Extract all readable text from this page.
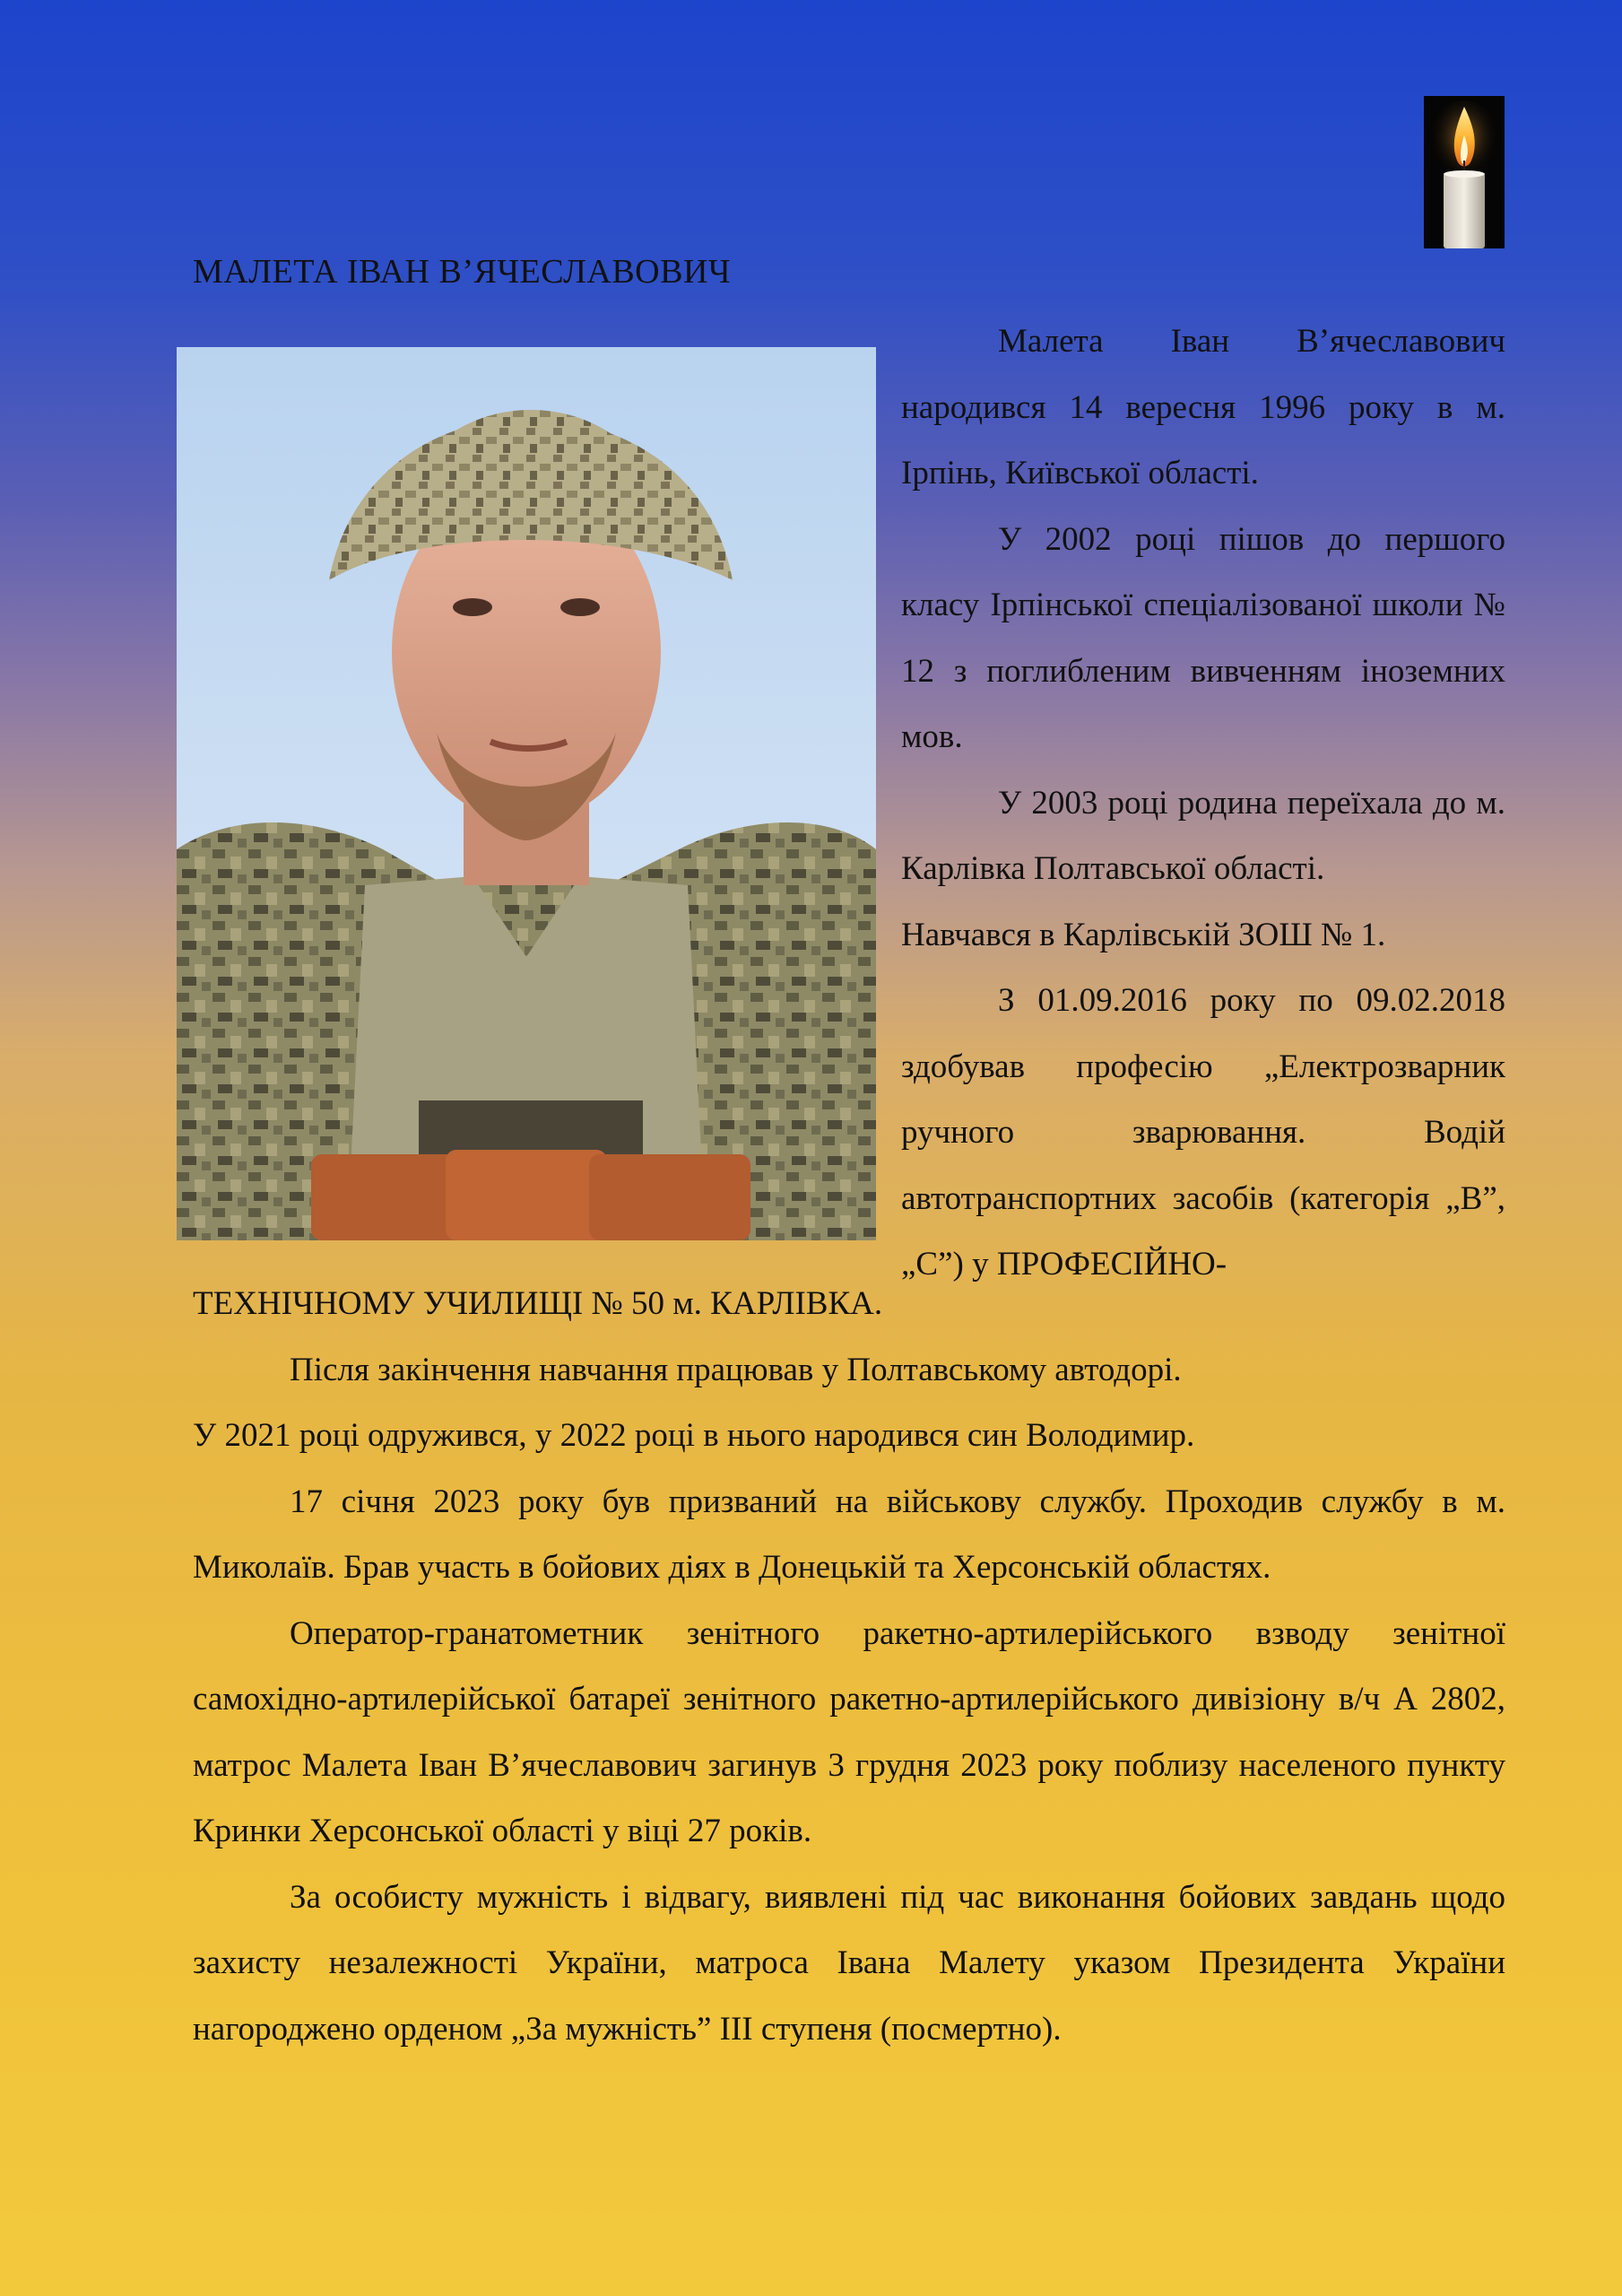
МАЛЕТА ІВАН В’ЯЧЕСЛАВОВИЧ

Малета Іван В’ячеславович народився 14 вересня 1996 року в м. Ірпінь, Київської області.

У 2002 році пішов до першого класу Ірпінської спеціалізованої школи № 12 з поглибленим вивченням іноземних мов.

У 2003 році родина переїхала до м. Карлівка Полтавської області.

Навчався в Карлівській ЗОШ № 1.

З 01.09.2016 року по 09.02.2018 здобував професію „Електрозварник ручного зварювання. Водій автотранспортних засобів (категорія „В”, „С”) у ПРОФЕСІЙНО-

ТЕХНІЧНОМУ УЧИЛИЩІ № 50 м. КАРЛІВКА.

Після закінчення навчання працював у Полтавському автодорі.

У 2021 році одружився, у 2022 році в нього народився син Володимир.

17 січня 2023 року був призваний на військову службу. Проходив службу в м. Миколаїв. Брав участь в бойових діях в Донецькій та Херсонській областях.

Оператор-гранатометник зенітного ракетно-артилерійського взводу зенітної самохідно-артилерійської батареї зенітного ракетно-артилерійського дивізіону в/ч А 2802, матрос Малета Іван В’ячеславович загинув 3 грудня 2023 року поблизу населеного пункту Кринки Херсонської області у віці 27 років.

За особисту мужність і відвагу, виявлені під час виконання бойових завдань щодо захисту незалежності України, матроса Івана Малету указом Президента України нагороджено орденом „За мужність” ІІІ ступеня (посмертно).
